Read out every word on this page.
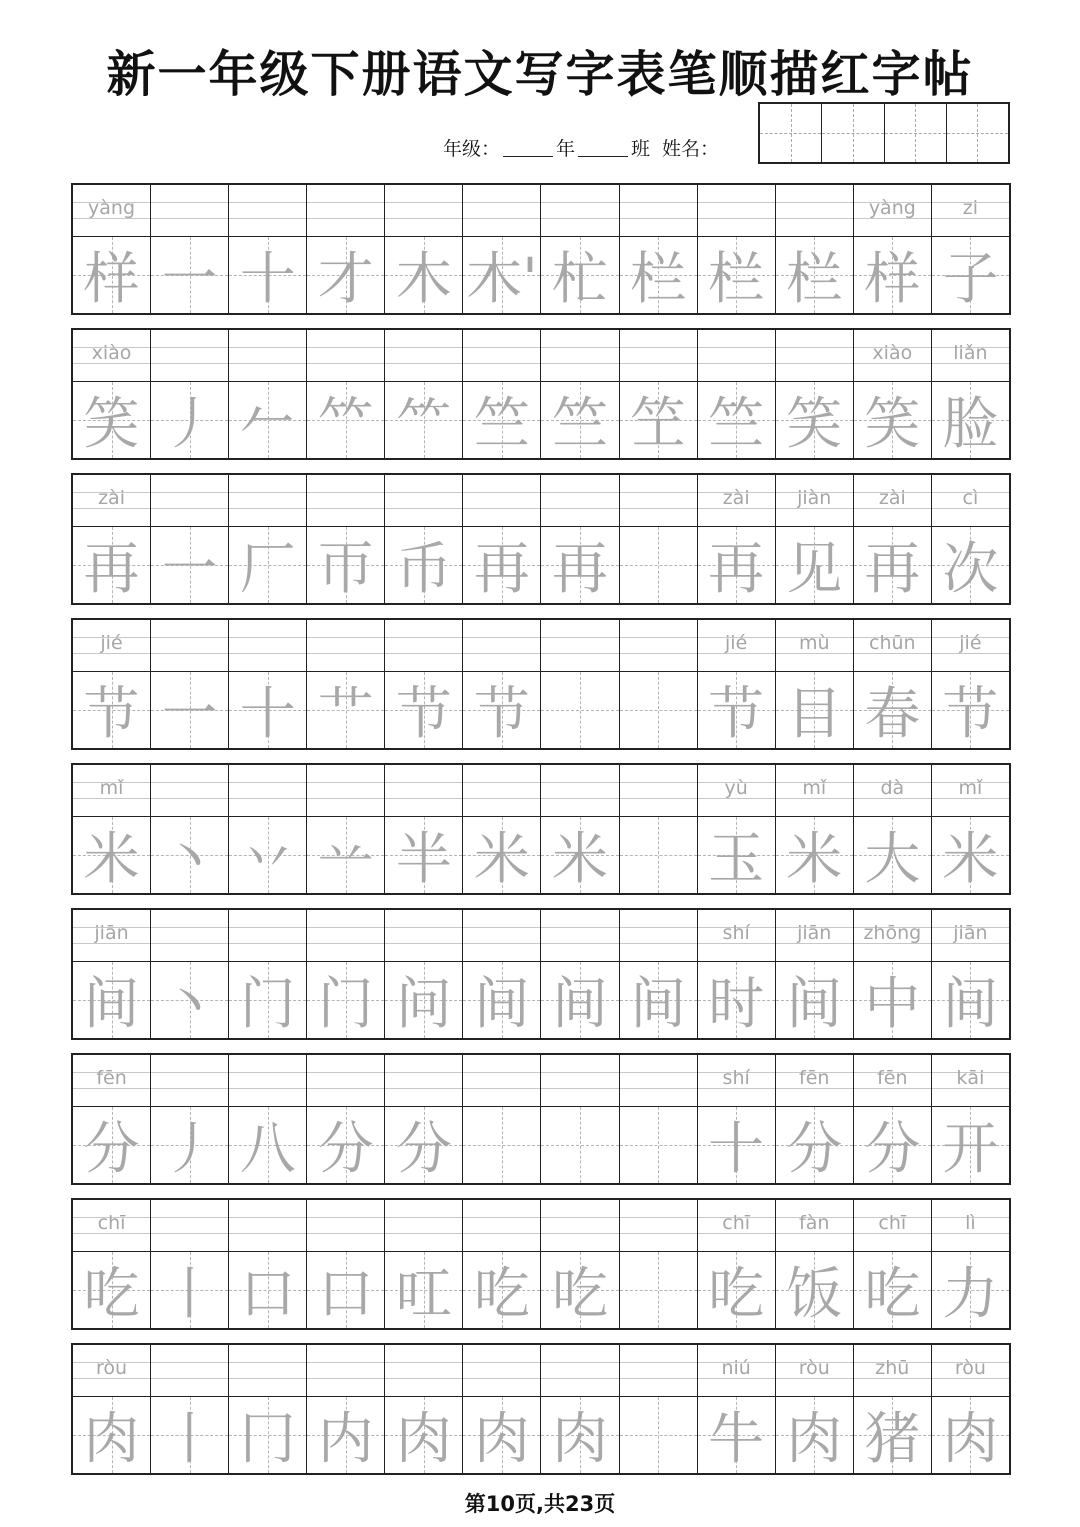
新一年级下册语文写字表笔顺描红字帖
年级：	年	班 姓名：
yàng
样 一 十 才 木 木' 杧 栏 栏 栏
yàng
样
zi
子
xiào
笑 丿 𠂉 𥫗 ⺮ 竺 竺 笁 竺 笑
xiào
笑
liǎn
脸
zài
再 一 厂 帀 币 再 再
zài
再
jiàn
见
zài
再
cì
次
jié
节 一 十 艹 节 节
jié
节
mù
目
chūn
春
jié
节
mǐ
米 丶 丷 䒑 半 米 米
yù
玉
mǐ
米
dà
大
mǐ
米
jiān
间 丶 门 门 问 间 间 间
shí
时
jiān
间
zhōng
中
jiān
间
fēn
分 丿 八 分 分
shí
十
fēn
分
fēn
分
kāi
开
chī
吃 丨 口 口 叿 吃 吃
chī
吃
fàn
饭
chī
吃
lì
力
ròu
肉 丨 冂 内 肉 肉 肉
niú
牛
ròu
肉
zhū
猪
ròu
肉
第10页,共23页
